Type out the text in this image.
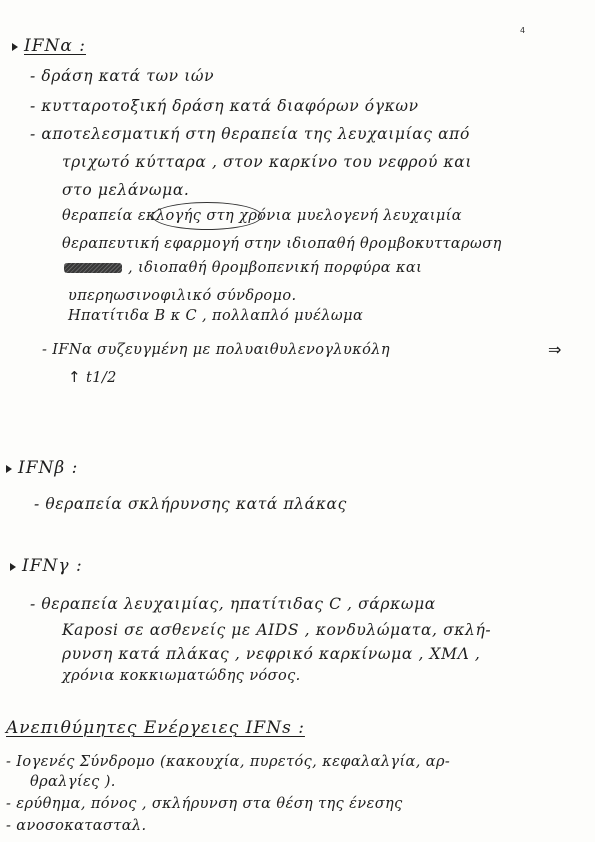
4
IFNα :
- δράση κατά των ιών
- κυτταροτοξική δράση κατά διαφόρων όγκων
- αποτελεσματική στη θεραπεία της λευχαιμίας από
τριχωτό κύτταρα , στον καρκίνο του νεφρού και
στο μελάνωμα.
θεραπεία εκλογής στη χρόνια μυελογενή λευχαιμία
θεραπευτική εφαρμογή στην ιδιοπαθή θρομβοκυτταρωση
, ιδιοπαθή θρομβοπενική πορφύρα και
υπερηωσινοφιλικό σύνδρομο.
Ηπατίτιδα Β κ C , πολλαπλό μυέλωμα
- IFNα συζευγμένη με πολυαιθυλενογλυκόλη	⇒
↑ t1/2
IFNβ :
- θεραπεία σκλήρυνσης κατά πλάκας
IFNγ :
- θεραπεία λευχαιμίας, ηπατίτιδας C , σάρκωμα
Kaposi σε ασθενείς με AIDS , κονδυλώματα, σκλή-
ρυνση κατά πλάκας , νεφρικό καρκίνωμα , ΧΜΛ ,
χρόνια κοκκιωματώδης νόσος.
Ανεπιθύμητες Ενέργειες IFNs :
- Ιογενές Σύνδρομο (κακουχία, πυρετός, κεφαλαλγία, αρ-
θραλγίες ).
- ερύθημα, πόνος , σκλήρυνση στα θέση της ένεσης
- ανοσοκατασταλ.
